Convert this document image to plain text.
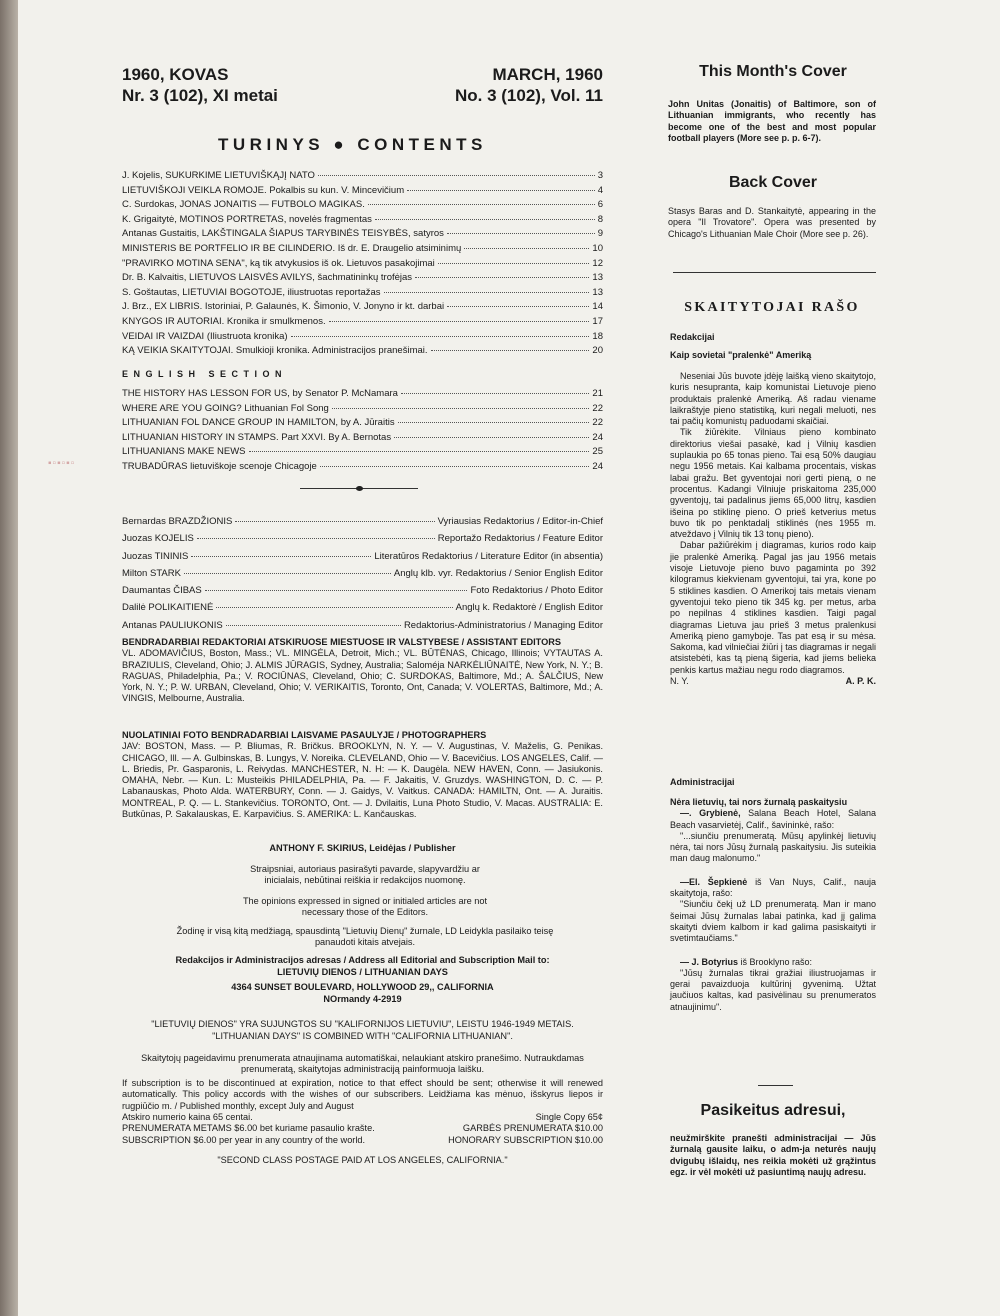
▪▫▪▫▪▫
1960, KOVAS
Nr. 3 (102), XI metai
MARCH, 1960
No. 3 (102), Vol. 11
TURINYS ● CONTENTS
J. Kojelis, SUKURKIME LIETUVIŠKĄJĮ NATO	3
LIETUVIŠKOJI VEIKLA ROMOJE. Pokalbis su kun. V. Mincevičium	4
C. Surdokas, JONAS JONAITIS — FUTBOLO MAGIKAS.	6
K. Grigaitytė, MOTINOS PORTRETAS, novelės fragmentas	8
Antanas Gustaitis, LAKŠTINGALA ŠIAPUS TARYBINĖS TEISYBĖS, satyros	9
MINISTERIS BE PORTFELIO IR BE CILINDERIO. Iš dr. E. Draugelio atsiminimų	10
"PRAVIRKO MOTINA SENA", ką tik atvykusios iš ok. Lietuvos pasakojimai	12
Dr. B. Kalvaitis, LIETUVOS LAISVĖS AVILYS, šachmatininkų trofėjas	13
S. Goštautas, LIETUVIAI BOGOTOJE, iliustruotas reportažas	13
J. Brz., EX LIBRIS. Istoriniai, P. Galaunės, K. Šimonio, V. Jonyno ir kt. darbai	14
KNYGOS IR AUTORIAI. Kronika ir smulkmenos.	17
VEIDAI IR VAIZDAI (Iliustruota kronika)	18
KĄ VEIKIA SKAITYTOJAI. Smulkioji kronika. Administracijos pranešimai.	20
ENGLISH SECTION
THE HISTORY HAS LESSON FOR US, by Senator P. McNamara	21
WHERE ARE YOU GOING? Lithuanian Fol Song	22
LITHUANIAN FOL DANCE GROUP IN HAMILTON, by A. Jūraitis	22
LITHUANIAN HISTORY IN STAMPS. Part XXVI. By A. Bernotas	24
LITHUANIANS MAKE NEWS	25
TRUBADŪRAS lietuviškoje scenoje Chicagoje	24
Bernardas BRAZDŽIONIS	Vyriausias Redaktorius / Editor-in-Chief
Juozas KOJELIS	Reportažo Redaktorius / Feature Editor
Juozas TININIS	Literatūros Redaktorius / Literature Editor (in absentia)
Milton STARK	Anglų klb. vyr. Redaktorius / Senior English Editor
Daumantas ČIBAS	Foto Redaktorius / Photo Editor
Dalilė POLIKAITIENĖ	Anglų k. Redaktorė / English Editor
Antanas PAULIUKONIS	Redaktorius-Administratorius / Managing Editor
BENDRADARBIAI REDAKTORIAI ATSKIRUOSE MIESTUOSE IR VALSTYBESE / ASSISTANT EDITORS
VL. ADOMAVIČIUS, Boston, Mass.; VL. MINGĖLA, Detroit, Mich.; VL. BŪTĖNAS, Chicago, Illinois; VYTAUTAS A. BRAZIULIS, Cleveland, Ohio; J. ALMIS JŪRAGIS, Sydney, Australia; Saloméja NARKĖLIŪNAITĖ, New York, N. Y.; B. RAGUAS, Philadelphia, Pa.; V. ROCIŪNAS, Cleveland, Ohio; C. SURDOKAS, Baltimore, Md.; A. ŠALČIUS, New York, N. Y.; P. W. URBAN, Cleveland, Ohio; V. VERIKAITIS, Toronto, Ont, Canada; V. VOLERTAS, Baltimore, Md.; A. VINGIS, Melbourne, Australia.
NUOLATINIAI FOTO BENDRADARBIAI LAISVAME PASAULYJE / PHOTOGRAPHERS
JAV: BOSTON, Mass. — P. Bliumas, R. Bričkus. BROOKLYN, N. Y. — V. Augustinas, V. Maželis, G. Penikas. CHICAGO, Ill. — A. Gulbinskas, B. Lungys, V. Noreika. CLEVELAND, Ohio — V. Bacevičius. LOS ANGELES, Calif. — L. Briedis, Pr. Gasparonis, L. Reivydas. MANCHESTER, N. H: — K. Daugėla. NEW HAVEN, Conn. — Jasiukonis. OMAHA, Nebr. — Kun. L: Musteikis PHILADELPHIA, Pa. — F. Jakaitis, V. Gruzdys. WASHINGTON, D. C. — P. Labanauskas, Photo Alda. WATERBURY, Conn. — J. Gaidys, V. Vaitkus. CANADA: HAMILTN, Ont. — A. Juraitis. MONTREAL, P. Q. — L. Stankevičius. TORONTO, Ont. — J. Dvilaitis, Luna Photo Studio, V. Macas. AUSTRALIA: E. Butkūnas, P. Sakalauskas, E. Karpavičius. S. AMERIKA: L. Kančauskas.
ANTHONY F. SKIRIUS, Leidėjas / Publisher
Straipsniai, autoriaus pasirašyti pavarde, slapyvardžiu ar inicialais, nebūtinai reiškia ir redakcijos nuomonę.
The opinions expressed in signed or initialed articles are not necessary those of the Editors.
Žodinę ir visą kitą medžiagą, spausdintą "Lietuvių Dienų" žurnale, LD Leidykla pasilaiko teisę panaudoti kitais atvejais.
Redakcijos ir Administracijos adresas / Address all Editorial and Subscription Mail to:
LIETUVIŲ DIENOS / LITHUANIAN DAYS
4364 SUNSET BOULEVARD, HOLLYWOOD 29,, CALIFORNIA
NOrmandy 4-2919
"LIETUVIŲ DIENOS" YRA SUJUNGTOS SU "KALIFORNIJOS LIETUVIU", LEISTU 1946-1949 METAIS.
"LITHUANIAN DAYS" IS COMBINED WITH "CALIFORNIA LITHUANIAN".
Skaitytojų pageidavimu prenumerata atnaujinama automatiškai, nelaukiant atskiro pranešimo. Nutraukdamas prenumeratą, skaitytojas administraciją painformuoja laišku.
If subscription is to be discontinued at expiration, notice to that effect should be sent; otherwise it will renewed automatically. This policy accords with the wishes of our subscribers. Leidžiama kas mėnuo, išskyrus liepos ir rugpiūčio m. / Published monthly, except July and August
Atskiro numerio kaina 65 centai.	Single Copy 65¢
PRENUMERATA METAMS $6.00 bet kuriame pasaulio krašte.	GARBĖS PRENUMERATA $10.00
SUBSCRIPTION $6.00 per year in any country of the world.	HONORARY SUBSCRIPTION $10.00
"SECOND CLASS POSTAGE PAID AT LOS ANGELES, CALIFORNIA."
This Month's Cover
John Unitas (Jonaitis) of Baltimore, son of Lithuanian immigrants, who recently has become one of the best and most popular football players (More see p. p. 6-7).
Back Cover
Stasys Baras and D. Stankaitytė, appearing in the opera "Il Trovatore". Opera was presented by Chicago's Lithuanian Male Choir (More see p. 26).
SKAITYTOJAI RAŠO
Redakcijai
Kaip sovietai "pralenkė" Ameriką
Neseniai Jūs buvote įdėję laišką vieno skaitytojo, kuris nesupranta, kaip komunistai Lietuvoje pieno produktais pralenkė Ameriką. Aš radau viename laikraštyje pieno statistiką, kuri negali meluoti, nes tai pačių komunistų paduodami skaičiai.
Tik žiūrėkite. Vilniaus pieno kombinato direktorius viešai pasakė, kad į Vilnių kasdien suplaukia po 65 tonas pieno. Tai esą 50% daugiau negu 1956 metais. Kai kalbama procentais, viskas labai gražu. Bet gyventojai nori gerti pieną, o ne procentus. Kadangi Vilniuje priskaitoma 235,000 gyventojų, tai padalinus jiems 65,000 litrų, kasdien išeina po stiklinę pieno. O prieš ketverius metus buvo tik po penktadalį stiklinės (nes 1955 m. atveždavo į Vilnių tik 13 tonų pieno).
Dabar pažiūrėkim į diagramas, kurios rodo kaip jie pralenkė Ameriką. Pagal jas jau 1956 metais visoje Lietuvoje pieno buvo pagaminta po 392 kilogramus kiekvienam gyventojui, tai yra, kone po 5 stiklines kasdien. O Amerikoj tais metais vienam gyventojui teko pieno tik 345 kg. per metus, arba po nepilnas 4 stiklines kasdien. Taigi pagal diagramas Lietuva jau prieš 3 metus pralenkusi Ameriką pieno gamyboje. Tas pat esą ir su mėsa. Sakoma, kad vilniečiai žiūri į tas diagramas ir negali atsistebėti, kas tą pieną šigeria, kad jiems belieka penkis kartus mažiau negu rodo diagramos.
N. Y.	A. P. K.
Administracijai
Nėra lietuvių, tai nors žurnalą paskaitysiu
—. Grybienė, Salana Beach Hotel, Salana Beach vasarvietėj, Calif., šavininkė, rašo:
"...siunčiu prenumeratą. Mūsų apylinkėj lietuvių nėra, tai nors Jūsų žurnalą paskaitysiu. Jis suteikia man daug malonumo."
—El. Šepkienė iš Van Nuys, Calif., nauja skaitytoja, rašo:
"Siunčiu čekį už LD prenumeratą. Man ir mano šeimai Jūsų žurnalas labai patinka, kad jį galima skaityti dviem kalbom ir kad galima pasiskaityti ir svetimtaučiams."
— J. Botyrius iš Brooklyno rašo:
"Jūsų žurnalas tikrai gražiai iliustruojamas ir gerai pavaizduoja kultūrinį gyvenimą. Užtat jaučiuos kaltas, kad pasivėlinau su prenumeratos atnaujinimu".
Pasikeitus adresui,
neužmirškite pranešti administracijai — Jūs žurnalą gausite laiku, o adm-ja neturės naujų dvigubų išlaidų, nes reikia mokėti už grąžintus egz. ir vėl mokėti už pasiuntimą naujų adresu.
